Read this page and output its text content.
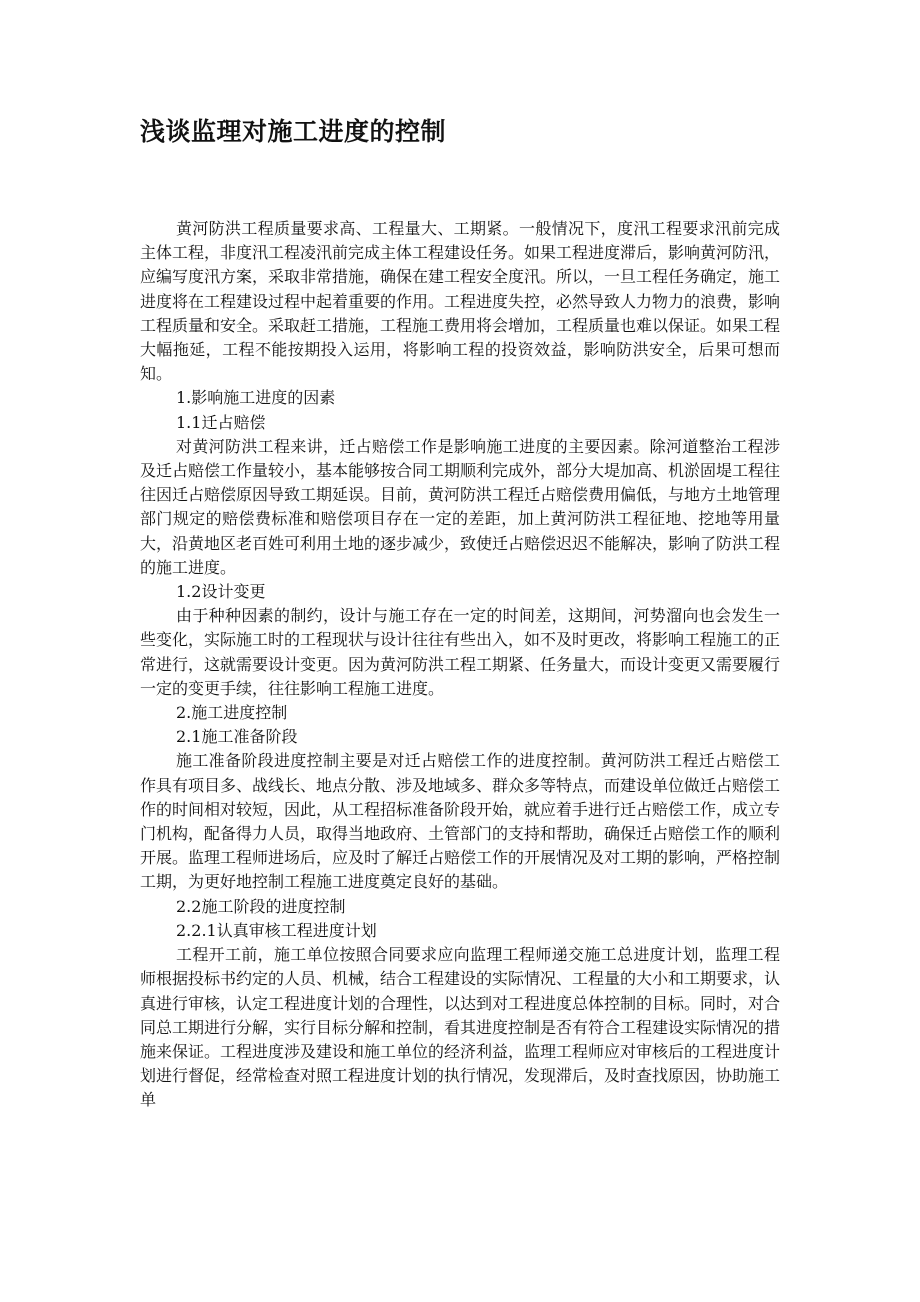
浅谈监理对施工进度的控制

黄河防洪工程质量要求高、工程量大、工期紧。一般情况下，度汛工程要求汛前完成主体工程，非度汛工程凌汛前完成主体工程建设任务。如果工程进度滞后，影响黄河防汛，应编写度汛方案，采取非常措施，确保在建工程安全度汛。所以，一旦工程任务确定，施工进度将在工程建设过程中起着重要的作用。工程进度失控，必然导致人力物力的浪费，影响工程质量和安全。采取赶工措施，工程施工费用将会增加，工程质量也难以保证。如果工程大幅拖延，工程不能按期投入运用，将影响工程的投资效益，影响防洪安全，后果可想而知。

1.影响施工进度的因素

1.1迁占赔偿

对黄河防洪工程来讲，迁占赔偿工作是影响施工进度的主要因素。除河道整治工程涉及迁占赔偿工作量较小，基本能够按合同工期顺利完成外，部分大堤加高、机淤固堤工程往往因迁占赔偿原因导致工期延误。目前，黄河防洪工程迁占赔偿费用偏低，与地方土地管理部门规定的赔偿费标准和赔偿项目存在一定的差距，加上黄河防洪工程征地、挖地等用量大，沿黄地区老百姓可利用土地的逐步减少，致使迁占赔偿迟迟不能解决，影响了防洪工程的施工进度。

1.2设计变更

由于种种因素的制约，设计与施工存在一定的时间差，这期间，河势溜向也会发生一些变化，实际施工时的工程现状与设计往往有些出入，如不及时更改，将影响工程施工的正常进行，这就需要设计变更。因为黄河防洪工程工期紧、任务量大，而设计变更又需要履行一定的变更手续，往往影响工程施工进度。

2.施工进度控制

2.1施工准备阶段

施工准备阶段进度控制主要是对迁占赔偿工作的进度控制。黄河防洪工程迁占赔偿工作具有项目多、战线长、地点分散、涉及地域多、群众多等特点，而建设单位做迁占赔偿工作的时间相对较短，因此，从工程招标准备阶段开始，就应着手进行迁占赔偿工作，成立专门机构，配备得力人员，取得当地政府、土管部门的支持和帮助，确保迁占赔偿工作的顺利开展。监理工程师进场后，应及时了解迁占赔偿工作的开展情况及对工期的影响，严格控制工期，为更好地控制工程施工进度奠定良好的基础。

2.2施工阶段的进度控制

2.2.1认真审核工程进度计划

工程开工前，施工单位按照合同要求应向监理工程师递交施工总进度计划，监理工程师根据投标书约定的人员、机械，结合工程建设的实际情况、工程量的大小和工期要求，认真进行审核，认定工程进度计划的合理性，以达到对工程进度总体控制的目标。同时，对合同总工期进行分解，实行目标分解和控制，看其进度控制是否有符合工程建设实际情况的措施来保证。工程进度涉及建设和施工单位的经济利益，监理工程师应对审核后的工程进度计划进行督促，经常检查对照工程进度计划的执行情况，发现滞后，及时查找原因，协助施工单
